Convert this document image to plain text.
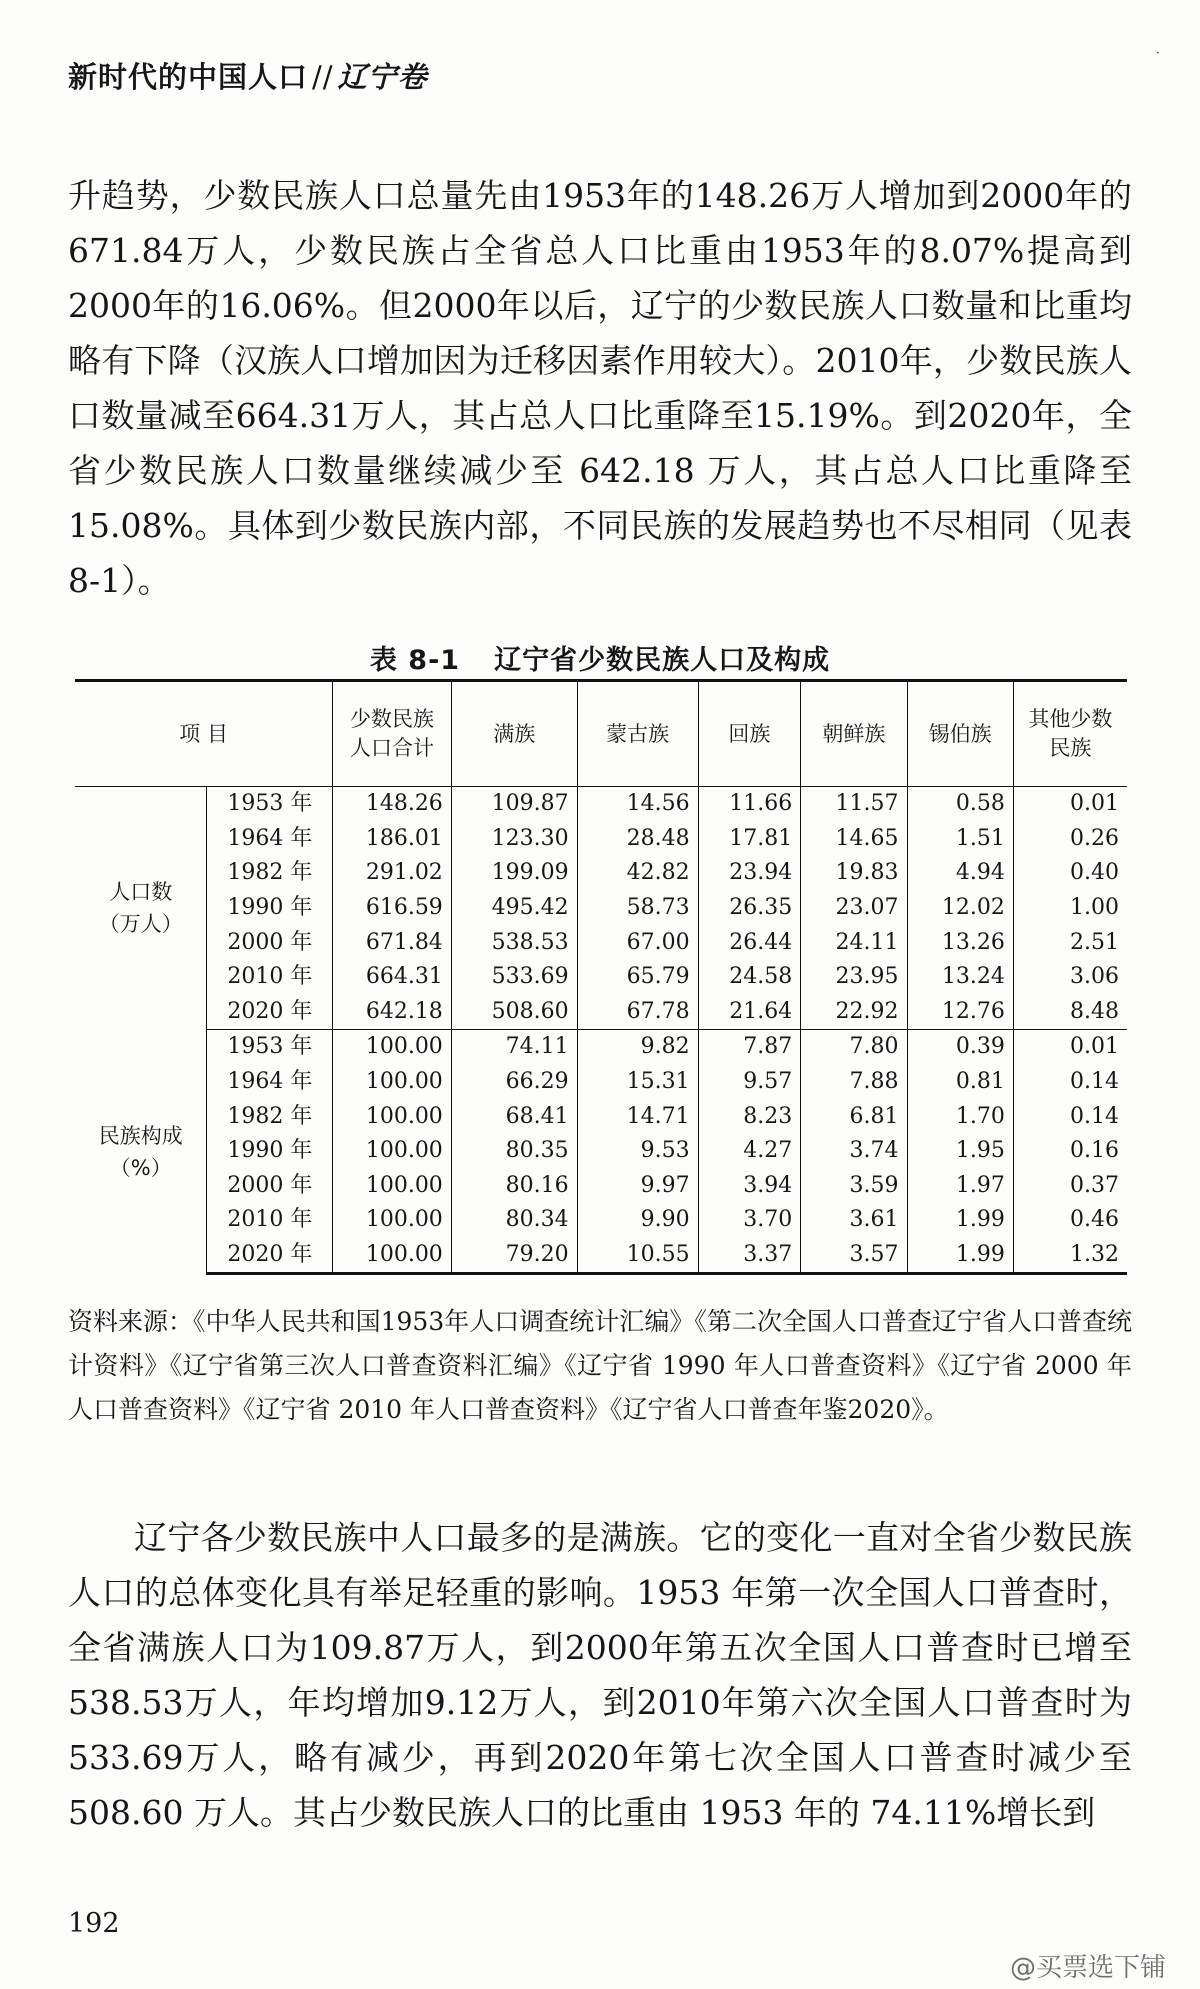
新时代的中国人口 // 辽宁卷
·

升趋势，少数民族人口总量先由1953年的148.26万人增加到2000年的671.84万人，少数民族占全省总人口比重由1953年的8.07%提高到2000年的16.06%。但2000年以后，辽宁的少数民族人口数量和比重均略有下降（汉族人口增加因为迁移因素作用较大）。2010年，少数民族人口数量减至664.31万人，其占总人口比重降至15.19%。到2020年，全省少数民族人口数量继续减少至 642.18 万人，其占总人口比重降至15.08%。具体到少数民族内部，不同民族的发展趋势也不尽相同（见表8-1）。

表 8-1 辽宁省少数民族人口及构成
项 目		少数民族人口合计	满族	蒙古族	回族	朝鲜族	锡伯族	其他少数民族
人口数
（万人）	1953 年	148.26	109.87	14.56	11.66	11.57	0.58	0.01
	1964 年	186.01	123.30	28.48	17.81	14.65	1.51	0.26
	1982 年	291.02	199.09	42.82	23.94	19.83	4.94	0.40
	1990 年	616.59	495.42	58.73	26.35	23.07	12.02	1.00
	2000 年	671.84	538.53	67.00	26.44	24.11	13.26	2.51
	2010 年	664.31	533.69	65.79	24.58	23.95	13.24	3.06
	2020 年	642.18	508.60	67.78	21.64	22.92	12.76	8.48
民族构成
（%）	1953 年	100.00	74.11	9.82	7.87	7.80	0.39	0.01
	1964 年	100.00	66.29	15.31	9.57	7.88	0.81	0.14
	1982 年	100.00	68.41	14.71	8.23	6.81	1.70	0.14
	1990 年	100.00	80.35	9.53	4.27	3.74	1.95	0.16
	2000 年	100.00	80.16	9.97	3.94	3.59	1.97	0.37
	2010 年	100.00	80.34	9.90	3.70	3.61	1.99	0.46
	2020 年	100.00	79.20	10.55	3.37	3.57	1.99	1.32

资料来源：《中华人民共和国1953年人口调查统计汇编》《第二次全国人口普查辽宁省人口普查统计资料》《辽宁省第三次人口普查资料汇编》《辽宁省 1990 年人口普查资料》《辽宁省 2000 年人口普查资料》《辽宁省 2010 年人口普查资料》《辽宁省人口普查年鉴2020》。

辽宁各少数民族中人口最多的是满族。它的变化一直对全省少数民族人口的总体变化具有举足轻重的影响。1953 年第一次全国人口普查时，全省满族人口为109.87万人，到2000年第五次全国人口普查时已增至538.53万人，年均增加9.12万人，到2010年第六次全国人口普查时为533.69万人，略有减少，再到2020年第七次全国人口普查时减少至 508.60 万人。其占少数民族人口的比重由 1953 年的 74.11%增长到

192
@买票选下铺
